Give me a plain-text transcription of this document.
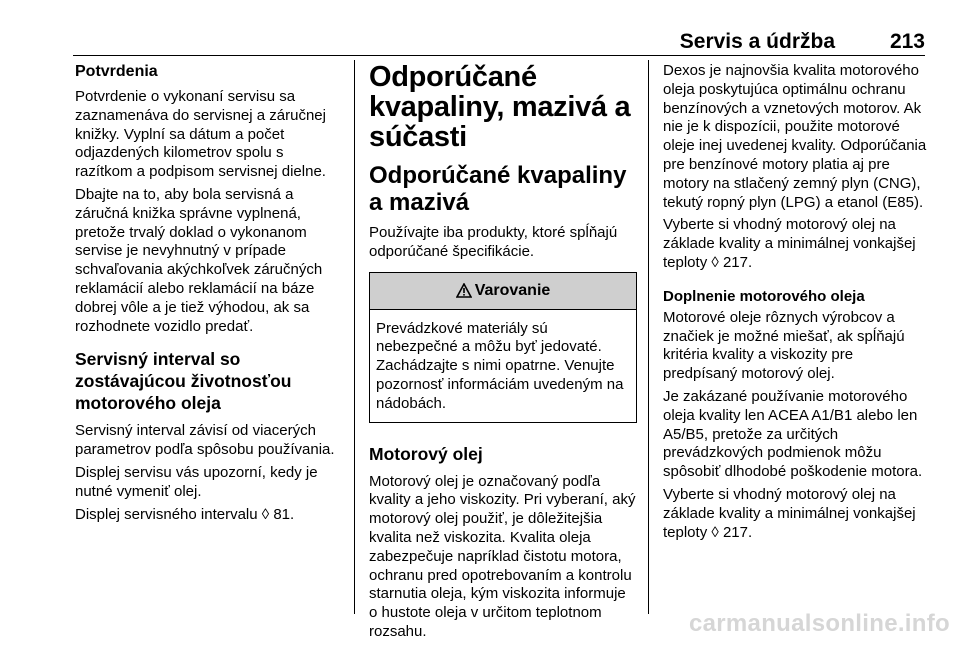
Servis a údržba	213
Potvrdenia

Potvrdenie o vykonaní servisu sa zaznamenáva do servisnej a záručnej knižky. Vyplní sa dátum a počet odjazdených kilometrov spolu s razítkom a podpisom servisnej dielne.

Dbajte na to, aby bola servisná a záručná knižka správne vyplnená, pretože trvalý doklad o vykonanom servise je nevyhnutný v prípade schvaľovania akýchkoľvek záručných reklamácií alebo reklamácií na báze dobrej vôle a je tiež výhodou, ak sa rozhodnete vozidlo predať.

Servisný interval so zostávajúcou životnosťou motorového oleja

Servisný interval závisí od viacerých parametrov podľa spôsobu používania.

Displej servisu vás upozorní, kedy je nutné vymeniť olej.

Displej servisného intervalu ◊ 81.

Odporúčané kvapaliny, mazivá a súčasti
Odporúčané kvapaliny a mazivá

Používajte iba produkty, ktoré spĺňajú odporúčané špecifikácie.

Varovanie

Prevádzkové materiály sú nebezpečné a môžu byť jedovaté. Zachádzajte s nimi opatrne. Venujte pozornosť informáciám uvedeným na nádobách.

Motorový olej

Motorový olej je označovaný podľa kvality a jeho viskozity. Pri vyberaní, aký motorový olej použiť, je dôležitejšia kvalita než viskozita. Kvalita oleja zabezpečuje napríklad čistotu motora, ochranu pred opotrebovaním a kontrolu starnutia oleja, kým viskozita informuje o hustote oleja v určitom teplotnom rozsahu.

Dexos je najnovšia kvalita motorového oleja poskytujúca optimálnu ochranu benzínových a vznetových motorov. Ak nie je k dispozícii, použite motorové oleje inej uvedenej kvality. Odporúčania pre benzínové motory platia aj pre motory na stlačený zemný plyn (CNG), tekutý ropný plyn (LPG) a etanol (E85).

Vyberte si vhodný motorový olej na základe kvality a minimálnej vonkajšej teploty ◊ 217.

Doplnenie motorového oleja

Motorové oleje rôznych výrobcov a značiek je možné miešať, ak spĺňajú kritéria kvality a viskozity pre predpísaný motorový olej.

Je zakázané používanie motorového oleja kvality len ACEA A1/B1 alebo len A5/B5, pretože za určitých prevádzkových podmienok môžu spôsobiť dlhodobé poškodenie motora.

Vyberte si vhodný motorový olej na základe kvality a minimálnej vonkajšej teploty ◊ 217.

carmanualsonline.info
